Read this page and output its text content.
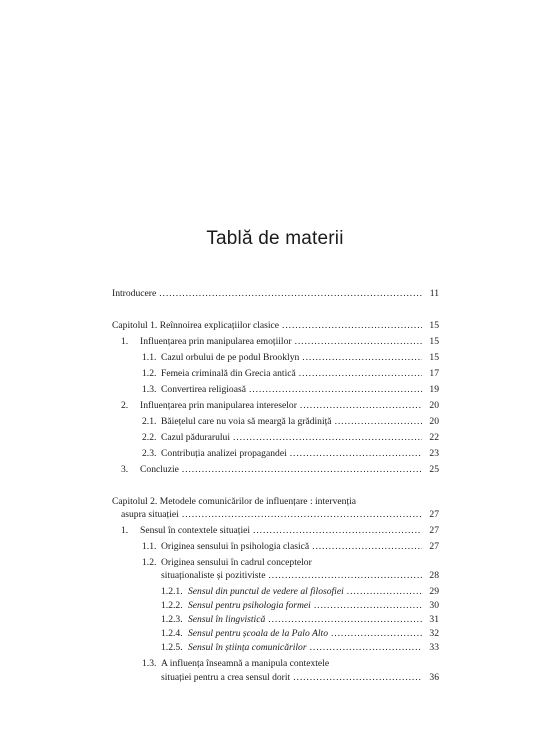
Tablă de materii
Introducere . . .	11
Capitolul 1. Reînnoirea explicațiilor clasice . . .	15
1.	Influențarea prin manipularea emoțiilor . . .	15
1.1. Cazul orbului de pe podul Brooklyn . . .	15
1.2. Femeia criminală din Grecia antică . . .	17
1.3. Convertirea religioasă . . .	19
2.	Influențarea prin manipularea intereselor . . .	20
2.1. Băiețelul care nu voia să meargă la grădiniță . . .	20
2.2. Cazul pădurarului . . .	22
2.3. Contribuția analizei propagandei . . .	23
3.	Concluzie . . .	25
Capitolul 2. Metodele comunicărilor de influențare : intervenția
asupra situației . . .	27
1.	Sensul în contextele situației . . .	27
1.1. Originea sensului în psihologia clasică . . .	27
1.2. Originea sensului în cadrul conceptelor
situaționaliste și pozitiviste . . .	28
1.2.1. Sensul din punctul de vedere al filosofiei . . .	29
1.2.2. Sensul pentru psihologia formei . . .	30
1.2.3. Sensul în lingvistică . . .	31
1.2.4. Sensul pentru școala de la Palo Alto . . .	32
1.2.5. Sensul în știința comunicărilor . . .	33
1.3. A influența înseamnă a manipula contextele
situației pentru a crea sensul dorit . . .	36
